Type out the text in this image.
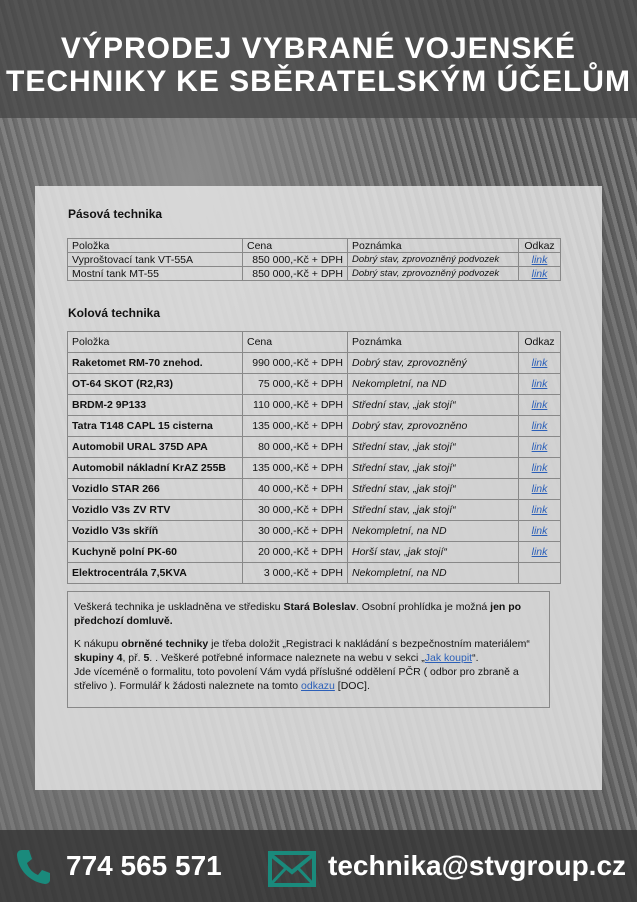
VÝPRODEJ VYBRANÉ VOJENSKÉ
TECHNIKY KE SBĚRATELSKÝM ÚČELŮM
Pásová technika
Položka	Cena	Poznámka	Odkaz
Vyproštovací tank VT-55A	850 000,-Kč + DPH	Dobrý stav, zprovozněný podvozek	link
Mostní tank MT-55	850 000,-Kč + DPH	Dobrý stav, zprovozněný podvozek	link
Kolová technika
Položka	Cena	Poznámka	Odkaz
Raketomet RM-70 znehod.	990 000,-Kč + DPH	Dobrý stav, zprovozněný	link
OT-64 SKOT (R2,R3)	75 000,-Kč + DPH	Nekompletní, na ND	link
BRDM-2 9P133	110 000,-Kč + DPH	Střední stav, „jak stojí“	link
Tatra T148 CAPL 15 cisterna	135 000,-Kč + DPH	Dobrý stav, zprovozněno	link
Automobil URAL 375D APA	80 000,-Kč + DPH	Střední stav, „jak stojí“	link
Automobil nákladní KrAZ 255B	135 000,-Kč + DPH	Střední stav, „jak stojí“	link
Vozidlo STAR 266	40 000,-Kč + DPH	Střední stav, „jak stojí“	link
Vozidlo V3s ZV RTV	30 000,-Kč + DPH	Střední stav, „jak stojí“	link
Vozidlo V3s skříň	30 000,-Kč + DPH	Nekompletní, na ND	link
Kuchyně polní PK-60	20 000,-Kč + DPH	Horší stav, „jak stojí“	link
Elektrocentrála 7,5KVA	3 000,-Kč + DPH	Nekompletní, na ND	

Veškerá technika je uskladněna ve středisku Stará Boleslav. Osobní prohlídka je možná jen po předchozí domluvě.

K nákupu obrněné techniky je třeba doložit „Registraci k nakládání s bezpečnostním materiálem“ skupiny 4, př. 5. . Veškeré potřebné informace naleznete na webu v sekci „Jak koupit“.

Jde víceméně o formalitu, toto povolení Vám vydá příslušné oddělení PČR ( odbor pro zbraně a střelivo ). Formulář k žádosti naleznete na tomto odkazu [DOC].

774 565 571	technika@stvgroup.cz
